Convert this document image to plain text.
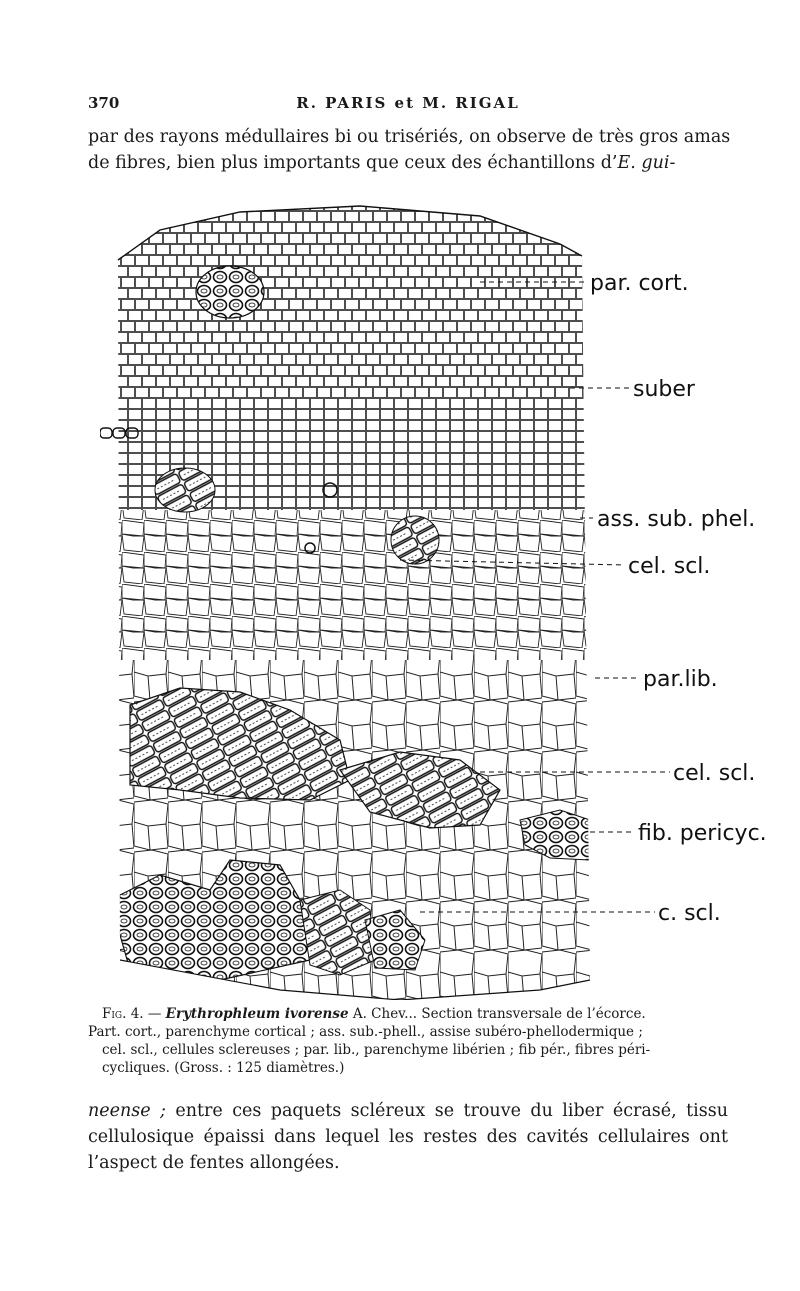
370	R. PARIS et M. RIGAL

par des rayons médullaires bi ou trisériés, on observe de très gros amas
de fibres, bien plus importants que ceux des échantillons d’E. gui-

par. cort.
suber
ass. sub. phel.
cel. scl.
par.lib.
cel. scl.
fib. pericyc.
c. scl.

Fig. 4. — Erythrophleum ivorense A. Chev... Section transversale de l’écorce.
Part. cort., parenchyme cortical ; ass. sub.-phell., assise subéro-phellodermique ;
cel. scl., cellules sclereuses ; par. lib., parenchyme libérien ; fib pér., fibres péri-
cycliques. (Gross. : 125 diamètres.)

neense ; entre ces paquets scléreux se trouve du liber écrasé, tissu
cellulosique épaissi dans lequel les restes des cavités cellulaires ont
l’aspect de fentes allongées.
